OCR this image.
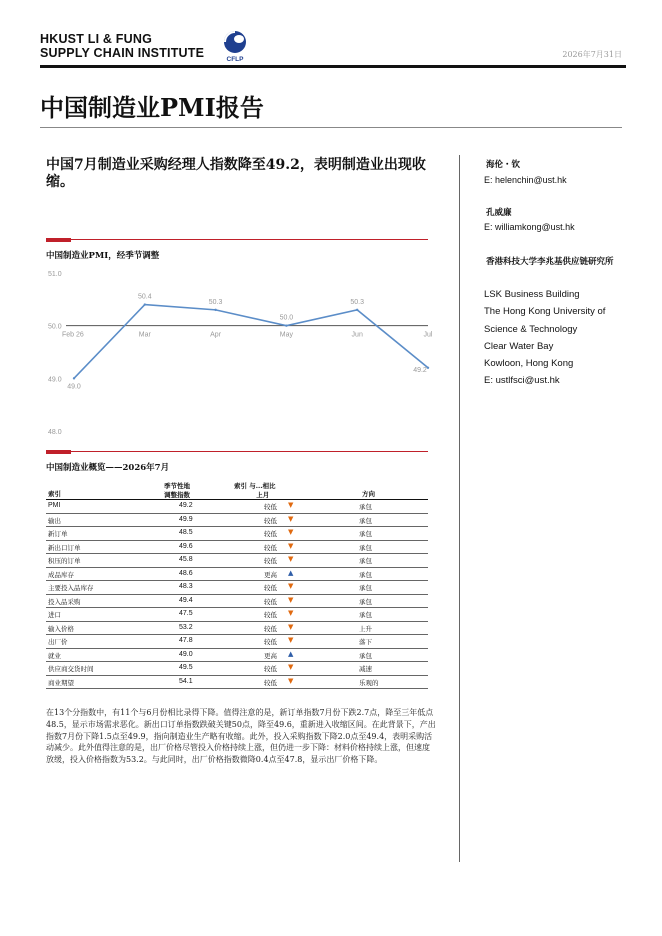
HKUST LI & FUNG
SUPPLY CHAIN INSTITUTE	CFLP
2026年7月31日
中国制造业PMI报告
中国7月制造业采购经理人指数降至49.2，表明制造业出现收缩。
海伦・钦
E: helenchin@ust.hk
孔威廉
E: williamkong@ust.hk
香港科技大学李兆基供应链研究所
LSK Business Building
The Hong Kong University of
Science & Technology
Clear Water Bay
Kowloon, Hong Kong
E: ustlfsci@ust.hk
中国制造业PMI，经季节调整
51.0
50.0
49.0
48.0
Feb 26	Mar	Apr	May	Jun	Jul
49.0
50.4
50.3
50.0
50.3
49.2
中国制造业概览——2026年7月
索引
季节性地
调整指数
索引 与...相比
上月	方向
PMI	49.2	较低 ▼	承包
输出	49.9	较低 ▼	承包
新订单	48.5	较低 ▼	承包
新出口订单	49.6	较低 ▼	承包
积压的订单	45.8	较低 ▼	承包
成品库存	48.6	更高 ▲	承包
主要投入品库存	48.3	较低 ▼	承包
投入品采购	49.4	较低 ▼	承包
进口	47.5	较低 ▼	承包
输入价格	53.2	较低 ▼	上升
出厂价	47.8	较低 ▼	落下
就业	49.0	更高 ▲	承包
供应商交货时间	49.5	较低 ▼	减速
商业期望	54.1	较低 ▼	乐观的
在13个分指数中，有11个与6月份相比录得下降。值得注意的是，新订单指数7月份下跌2.7点，降至三年低点48.5，显示市场需求恶化。新出口订单指数跌破关键50点，降至49.6，重新进入收缩区间。在此背景下，产出指数7月份下降1.5点至49.9，指向制造业生产略有收缩。此外，投入采购指数下降2.0点至49.4，表明采购活动减少。此外值得注意的是，出厂价格尽管投入价格持续上涨，但仍进一步下降：材料价格持续上涨，但速度放缓，投入价格指数为53.2。与此同时，出厂价格指数微降0.4点至47.8，显示出厂价格下降。
